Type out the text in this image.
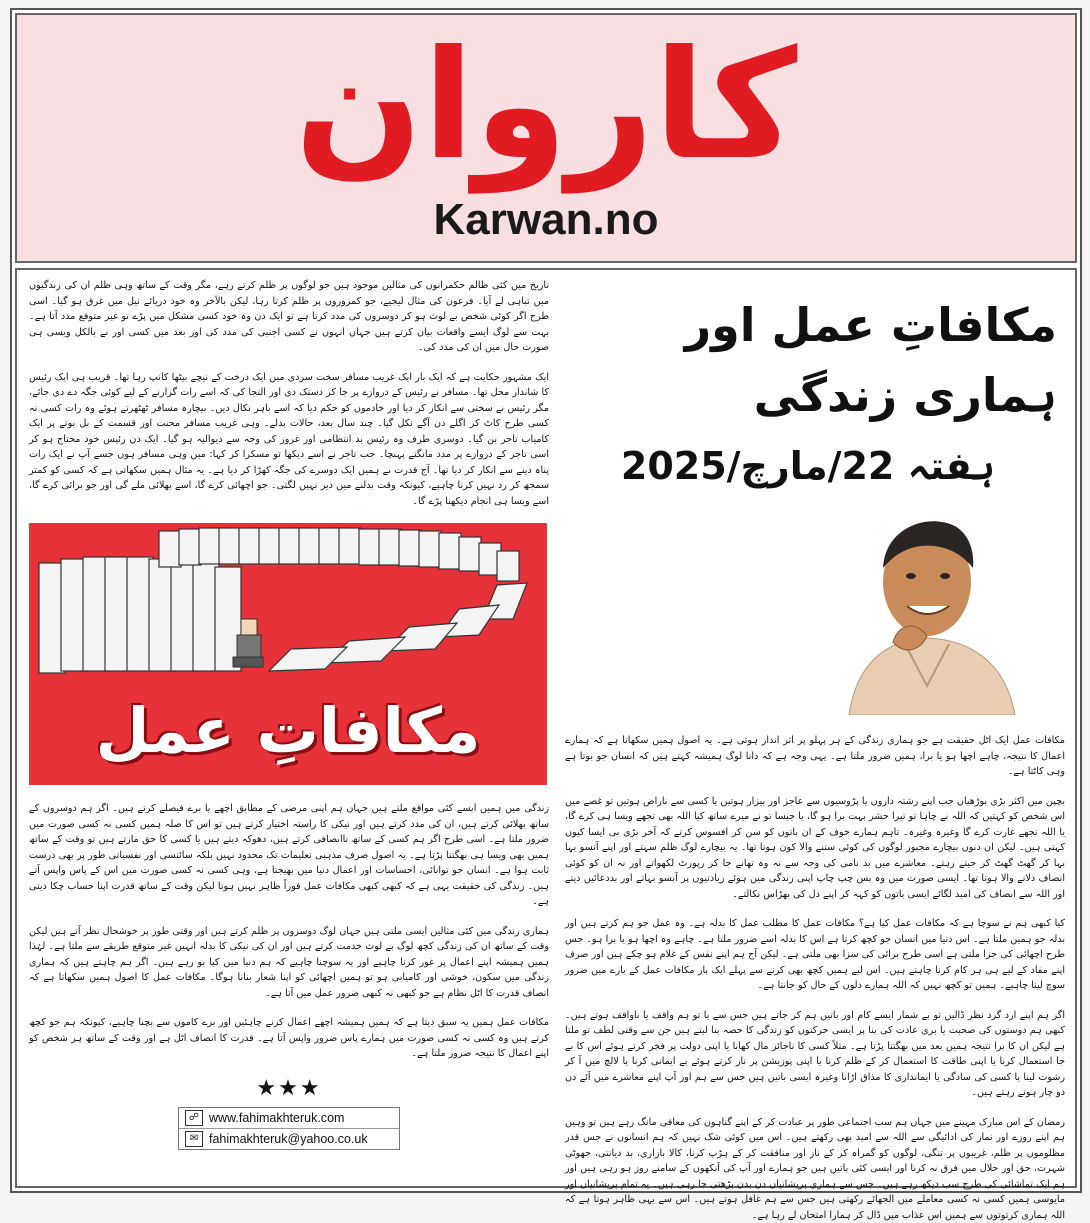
کاروان
Karwan.no

تاریخ میں کئی ظالم حکمرانوں کی مثالیں موجود ہیں جو لوگوں پر ظلم کرتے رہے، مگر وقت کے ساتھ وہی ظلم ان کی زندگیوں میں تباہی لے آیا۔ فرعون کی مثال لیجیے، جو کمزوروں پر ظلم کرتا رہا، لیکن بالآخر وہ خود دریائے نیل میں غرق ہو گیا۔ اسی طرح اگر کوئی شخص بے لوث ہو کر دوسروں کی مدد کرتا ہے تو ایک دن وہ خود کسی مشکل میں پڑے تو غیر متوقع مدد آتا ہے۔ بہت سے لوگ ایسے واقعات بیان کرتے ہیں جہاں انہوں نے کسی اجنبی کی مدد کی اور بعد میں کسی اور نے بالکل ویسی ہی صورت حال میں ان کی مدد کی۔

ایک مشہور حکایت ہے کہ ایک بار ایک غریب مسافر سخت سردی میں ایک درخت کے نیچے بیٹھا کانپ رہا تھا۔ قریب ہی ایک رئیس کا شاندار محل تھا۔ مسافر نے رئیس کے دروازے پر جا کر دستک دی اور التجا کی کہ اسے رات گزارنے کے لیے کوئی جگہ دے دی جائے، مگر رئیس نے سختی سے انکار کر دیا اور خادموں کو حکم دیا کہ اسے باہر نکال دیں۔ بیچارہ مسافر ٹھٹھرتے ہوئے وہ رات کسی نہ کسی طرح کاٹ کر اگلے دن آگے نکل گیا۔ چند سال بعد، حالات بدلے۔ وہی غریب مسافر محنت اور قسمت کے بل بوتے پر ایک کامیاب تاجر بن گیا۔ دوسری طرف وہ رئیس بد انتظامی اور غرور کی وجہ سے دیوالیہ ہو گیا۔ ایک دن رئیس خود محتاج ہو کر اسی تاجر کے دروازے پر مدد مانگنے پہنچا۔ جب تاجر نے اسے دیکھا تو مسکرا کر کہا: میں وہی مسافر ہوں جسے آپ نے ایک رات پناہ دینے سے انکار کر دیا تھا۔ آج قدرت نے ہمیں ایک دوسرے کی جگہ کھڑا کر دیا ہے۔ یہ مثال ہمیں سکھاتی ہے کہ کسی کو کمتر سمجھ کر رد نہیں کرنا چاہیے، کیونکہ وقت بدلنے میں دیر نہیں لگتی۔ جو اچھائی کرے گا، اسے بھلائی ملے گی اور جو برائی کرے گا، اسے ویسا ہی انجام دیکھنا پڑے گا۔

مکافاتِ عمل

زندگی میں ہمیں ایسے کئی مواقع ملتے ہیں جہاں ہم اپنی مرضی کے مطابق اچھے یا برے فیصلے کرتے ہیں۔ اگر ہم دوسروں کے ساتھ بھلائی کرتے ہیں، ان کی مدد کرتے ہیں اور نیکی کا راستہ اختیار کرتے ہیں تو اس کا صلہ ہمیں کسی نہ کسی صورت میں ضرور ملتا ہے۔ اسی طرح اگر ہم کسی کے ساتھ ناانصافی کرتے ہیں، دھوکہ دیتے ہیں یا کسی کا حق مارتے ہیں تو وقت کے ساتھ ہمیں بھی ویسا ہی بھگتنا پڑتا ہے۔ یہ اصول صرف مذہبی تعلیمات تک محدود نہیں بلکہ سائنسی اور نفسیاتی طور پر بھی درست ثابت ہوا ہے۔ انسان جو توانائی، احساسات اور اعمال دنیا میں بھیجتا ہے، وہی کسی نہ کسی صورت میں اس کے پاس واپس آتے ہیں۔ زندگی کی حقیقت یہی ہے کہ کبھی کبھی مکافات عمل فوراً ظاہر نہیں ہوتا لیکن وقت کے ساتھ قدرت اپنا حساب چکا دیتی ہے۔

ہماری زندگی میں کئی مثالیں ایسی ملتی ہیں جہاں لوگ دوسروں پر ظلم کرتے ہیں اور وقتی طور پر خوشحال نظر آتے ہیں لیکن وقت کے ساتھ ان کی زندگی کچھ لوگ بے لوث خدمت کرتے ہیں اور ان کی نیکی کا بدلہ انہیں غیر متوقع طریقے سے ملتا ہے۔ لہٰذا ہمیں ہمیشہ اپنے اعمال پر غور کرنا چاہیے اور یہ سوچنا چاہیے کہ ہم دنیا میں کیا بو رہے ہیں۔ اگر ہم چاہتے ہیں کہ ہماری زندگی میں سکون، خوشی اور کامیابی ہو تو ہمیں اچھائی کو اپنا شعار بنانا ہوگا۔ مکافات عمل کا اصول ہمیں سکھاتا ہے کہ انصاف قدرت کا اٹل نظام ہے جو کبھی نہ کبھی ضرور عمل میں آتا ہے۔

مکافات عمل ہمیں یہ سبق دیتا ہے کہ ہمیں ہمیشہ اچھے اعمال کرنے چاہئیں اور برے کاموں سے بچنا چاہیے، کیونکہ ہم جو کچھ کرتے ہیں وہ کسی نہ کسی صورت میں ہمارے پاس ضرور واپس آتا ہے۔ قدرت کا انصاف اٹل ہے اور وقت کے ساتھ ہر شخص کو اپنے اعمال کا نتیجہ ضرور ملتا ہے۔

★★★
☍ www.fahimakhteruk.com
✉ fahimakhteruk@yahoo.co.uk
مکافاتِ عمل اور ہماری زندگی
ہفتہ 22/مارچ/2025

مکافات عمل ایک اٹل حقیقت ہے جو ہماری زندگی کے ہر پہلو پر اثر انداز ہوتی ہے۔ یہ اصول ہمیں سکھاتا ہے کہ ہمارے اعمال کا نتیجہ، چاہے اچھا ہو یا برا، ہمیں ضرور ملتا ہے۔ یہی وجہ ہے کہ دانا لوگ ہمیشہ کہتے ہیں کہ انسان جو بوتا ہے وہی کاٹتا ہے۔

بچپن میں اکثر بڑی بوڑھیاں جب اپنے رشتہ داروں یا پڑوسیوں سے عاجز اور بیزار ہوتیں یا کسی سے ناراض ہوتیں تو غصے میں اس شخص کو کہتیں کہ اللہ نے چاہا تو تیرا حشر بہت برا ہو گا، یا جیسا تو نے میرے ساتھ کیا اللہ بھی تجھے ویسا ہی کرے گا، یا اللہ تجھے غارت کرے گا وغیرہ وغیرہ۔ تاہم ہمارے خوف کے ان باتوں کو سن کر افسوس کرتے کہ آخر بڑی بی ایسا کیوں کہتی ہیں۔ لیکن ان دنوں بیچارے مجبور لوگوں کی کوئی سننے والا کون ہوتا تھا۔ یہ بیچارے لوگ ظلم سہتے اور اپنے آنسو بہا بہا کر گھٹ گھٹ کر جیتے رہتے۔ معاشرے میں بد نامی کی وجہ سے نہ وہ تھانے جا کر رپورٹ لکھواتے اور نہ ان کو کوئی انصاف دلانے والا ہوتا تھا۔ ایسی صورت میں وہ بس چپ چاپ اپنی زندگی میں ہوئے زیادتیوں پر آنسو بہاتے اور بددعائیں دیتے اور اللہ سے انصاف کی امید لگائے ایسی باتوں کو کہہ کر اپنے دل کی بھڑاس نکالتے۔

کیا کبھی ہم نے سوچا ہے کہ مکافات عمل کیا ہے؟ مکافات عمل کا مطلب عمل کا بدلہ ہے۔ وہ عمل جو ہم کرتے ہیں اور بدلہ جو ہمیں ملتا ہے۔ اس دنیا میں انسان جو کچھ کرتا ہے اس کا بدلہ اسے ضرور ملتا ہے۔ چاہے وہ اچھا ہو یا برا ہو۔ جس طرح اچھائی کی جزا ملتی ہے اسی طرح برائی کی سزا بھی ملتی ہے۔ لیکن آج ہم اپنے نفس کے غلام ہو چکے ہیں اور صرف اپنے مفاد کے لیے ہی ہر کام کرنا چاہتے ہیں۔ اس لیے ہمیں کچھ بھی کرنے سے پہلے ایک بار مکافات عمل کے بارے میں ضرور سوچ لینا چاہیے۔ ہمیں تو کچھ نہیں کہ اللہ ہمارے دلوں کے حال کو جانتا ہے۔

اگر ہم اپنے ارد گرد نظر ڈالیں تو بے شمار ایسے کام اور باتیں ہم کر جاتے ہیں جس سے یا تو ہم واقف یا ناواقف ہوتے ہیں۔ کبھی ہم دوستوں کی صحبت یا بری عادت کی بنا پر ایسی حرکتوں کو زندگی کا حصہ بنا لیتے ہیں جن سے وقتی لطف تو ملتا ہے لیکن ان کا برا نتیجہ ہمیں بعد میں بھگتنا پڑتا ہے۔ مثلاً کسی کا ناجائز مال کھانا یا اپنی دولت پر فخر کرتے ہوئے اس کا بے جا استعمال کرنا یا اپنی طاقت کا استعمال کر کے ظلم کرنا یا اپنی پوزیشن پر ناز کرتے ہوئے بے ایمانی کرنا یا لالچ میں آ کر رشوت لینا یا کسی کی سادگی یا ایمانداری کا مذاق اڑانا وغیرہ ایسی باتیں ہیں جس سے ہم اور آپ اپنے معاشرے میں آئے دن دو چار ہوتے رہتے ہیں۔

رمضان کے اس مبارک مہینے میں جہاں ہم سب اجتماعی طور پر عبادت کر کے اپنے گناہوں کی معافی مانگ رہے ہیں تو وہیں ہم اپنے روزے اور نماز کی ادائیگی سے اللہ سے امید بھی رکھتے ہیں۔ اس میں کوئی شک نہیں کہ ہم انسانوں نے جس قدر مظلوموں پر ظلم، غریبوں پر تنگی، لوگوں کو گمراہ کر کے ناز اور منافقت کر کے ہڑپ کرنا، کالا بازاری، بد دیانتی، جھوٹی شہرت، حق اور حلال میں فرق نہ کرنا اور ایسی کئی باتیں ہیں جو ہمارے اور آپ کی آنکھوں کے سامنے روز ہو رہی ہیں اور ہم ایک تماشائی کی طرح سب دیکھ رہے ہیں۔ جس سے ہماری پریشانیاں دن بدن بڑھتی جا رہی ہیں۔ یہ تمام پریشانیاں اور مایوسی ہمیں کسی نہ کسی معاملے میں الجھائے رکھتی ہیں جس سے ہم غافل ہوتے ہیں۔ اس سے یہی ظاہر ہوتا ہے کہ اللہ ہماری کرتوتوں سے ہمیں اس عذاب میں ڈال کر ہمارا امتحان لے رہا ہے۔
